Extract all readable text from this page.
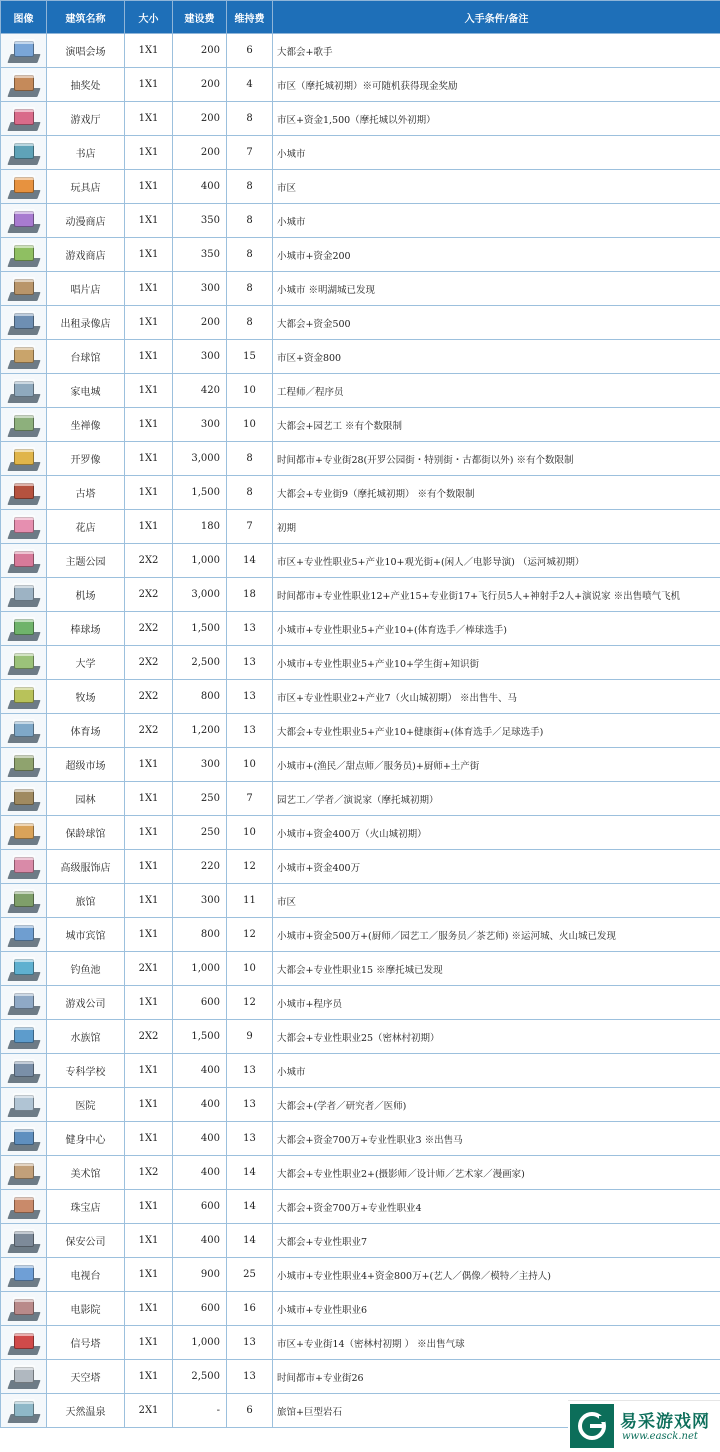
图像	建筑名称	大小	建设费	维持费	入手条件/备注

	演唱会场	1X1	200	6	大都会+歌手

	抽奖处	1X1	200	4	市区（摩托城初期）※可随机获得现金奖励

	游戏厅	1X1	200	8	市区+资金1,500（摩托城以外初期）

	书店	1X1	200	7	小城市

	玩具店	1X1	400	8	市区

	动漫商店	1X1	350	8	小城市

	游戏商店	1X1	350	8	小城市+资金200

	唱片店	1X1	300	8	小城市 ※明湖城已发现

	出租录像店	1X1	200	8	大都会+资金500

	台球馆	1X1	300	15	市区+资金800

	家电城	1X1	420	10	工程师／程序员

	坐禅像	1X1	300	10	大都会+园艺工 ※有个数限制

	开罗像	1X1	3,000	8	时间都市+专业街28(开罗公园街・特别街・古都街以外) ※有个数限制

	古塔	1X1	1,500	8	大都会+专业街9（摩托城初期） ※有个数限制

	花店	1X1	180	7	初期

	主题公园	2X2	1,000	14	市区+专业性职业5+产业10+观光街+(闲人／电影导演) （运河城初期）

	机场	2X2	3,000	18	时间都市+专业性职业12+产业15+专业街17+飞行员5人+神射手2人+演说家 ※出售喷气飞机

	棒球场	2X2	1,500	13	小城市+专业性职业5+产业10+(体育选手／棒球选手)

	大学	2X2	2,500	13	小城市+专业性职业5+产业10+学生街+知识街

	牧场	2X2	800	13	市区+专业性职业2+产业7（火山城初期） ※出售牛、马

	体育场	2X2	1,200	13	大都会+专业性职业5+产业10+健康街+(体育选手／足球选手)

	超级市场	1X1	300	10	小城市+(渔民／甜点师／服务员)+厨师+土产街

	园林	1X1	250	7	园艺工／学者／演说家（摩托城初期）

	保龄球馆	1X1	250	10	小城市+资金400万（火山城初期）

	高级服饰店	1X1	220	12	小城市+资金400万

	旅馆	1X1	300	11	市区

	城市宾馆	1X1	800	12	小城市+资金500万+(厨师／园艺工／服务员／茶艺师) ※运河城、火山城已发现

	钓鱼池	2X1	1,000	10	大都会+专业性职业15 ※摩托城已发现

	游戏公司	1X1	600	12	小城市+程序员

	水族馆	2X2	1,500	9	大都会+专业性职业25（密林村初期）

	专科学校	1X1	400	13	小城市

	医院	1X1	400	13	大都会+(学者／研究者／医师)

	健身中心	1X1	400	13	大都会+资金700万+专业性职业3 ※出售马

	美术馆	1X2	400	14	大都会+专业性职业2+(摄影师／设计师／艺术家／漫画家)

	珠宝店	1X1	600	14	大都会+资金700万+专业性职业4

	保安公司	1X1	400	14	大都会+专业性职业7

	电视台	1X1	900	25	小城市+专业性职业4+资金800万+(艺人／偶像／模特／主持人)

	电影院	1X1	600	16	小城市+专业性职业6

	信号塔	1X1	1,000	13	市区+专业街14（密林村初期 ） ※出售气球

	天空塔	1X1	2,500	13	时间都市+专业街26

	天然温泉	2X1	-	6	旅馆+巨型岩石	易采游戏网
www.easck.net
